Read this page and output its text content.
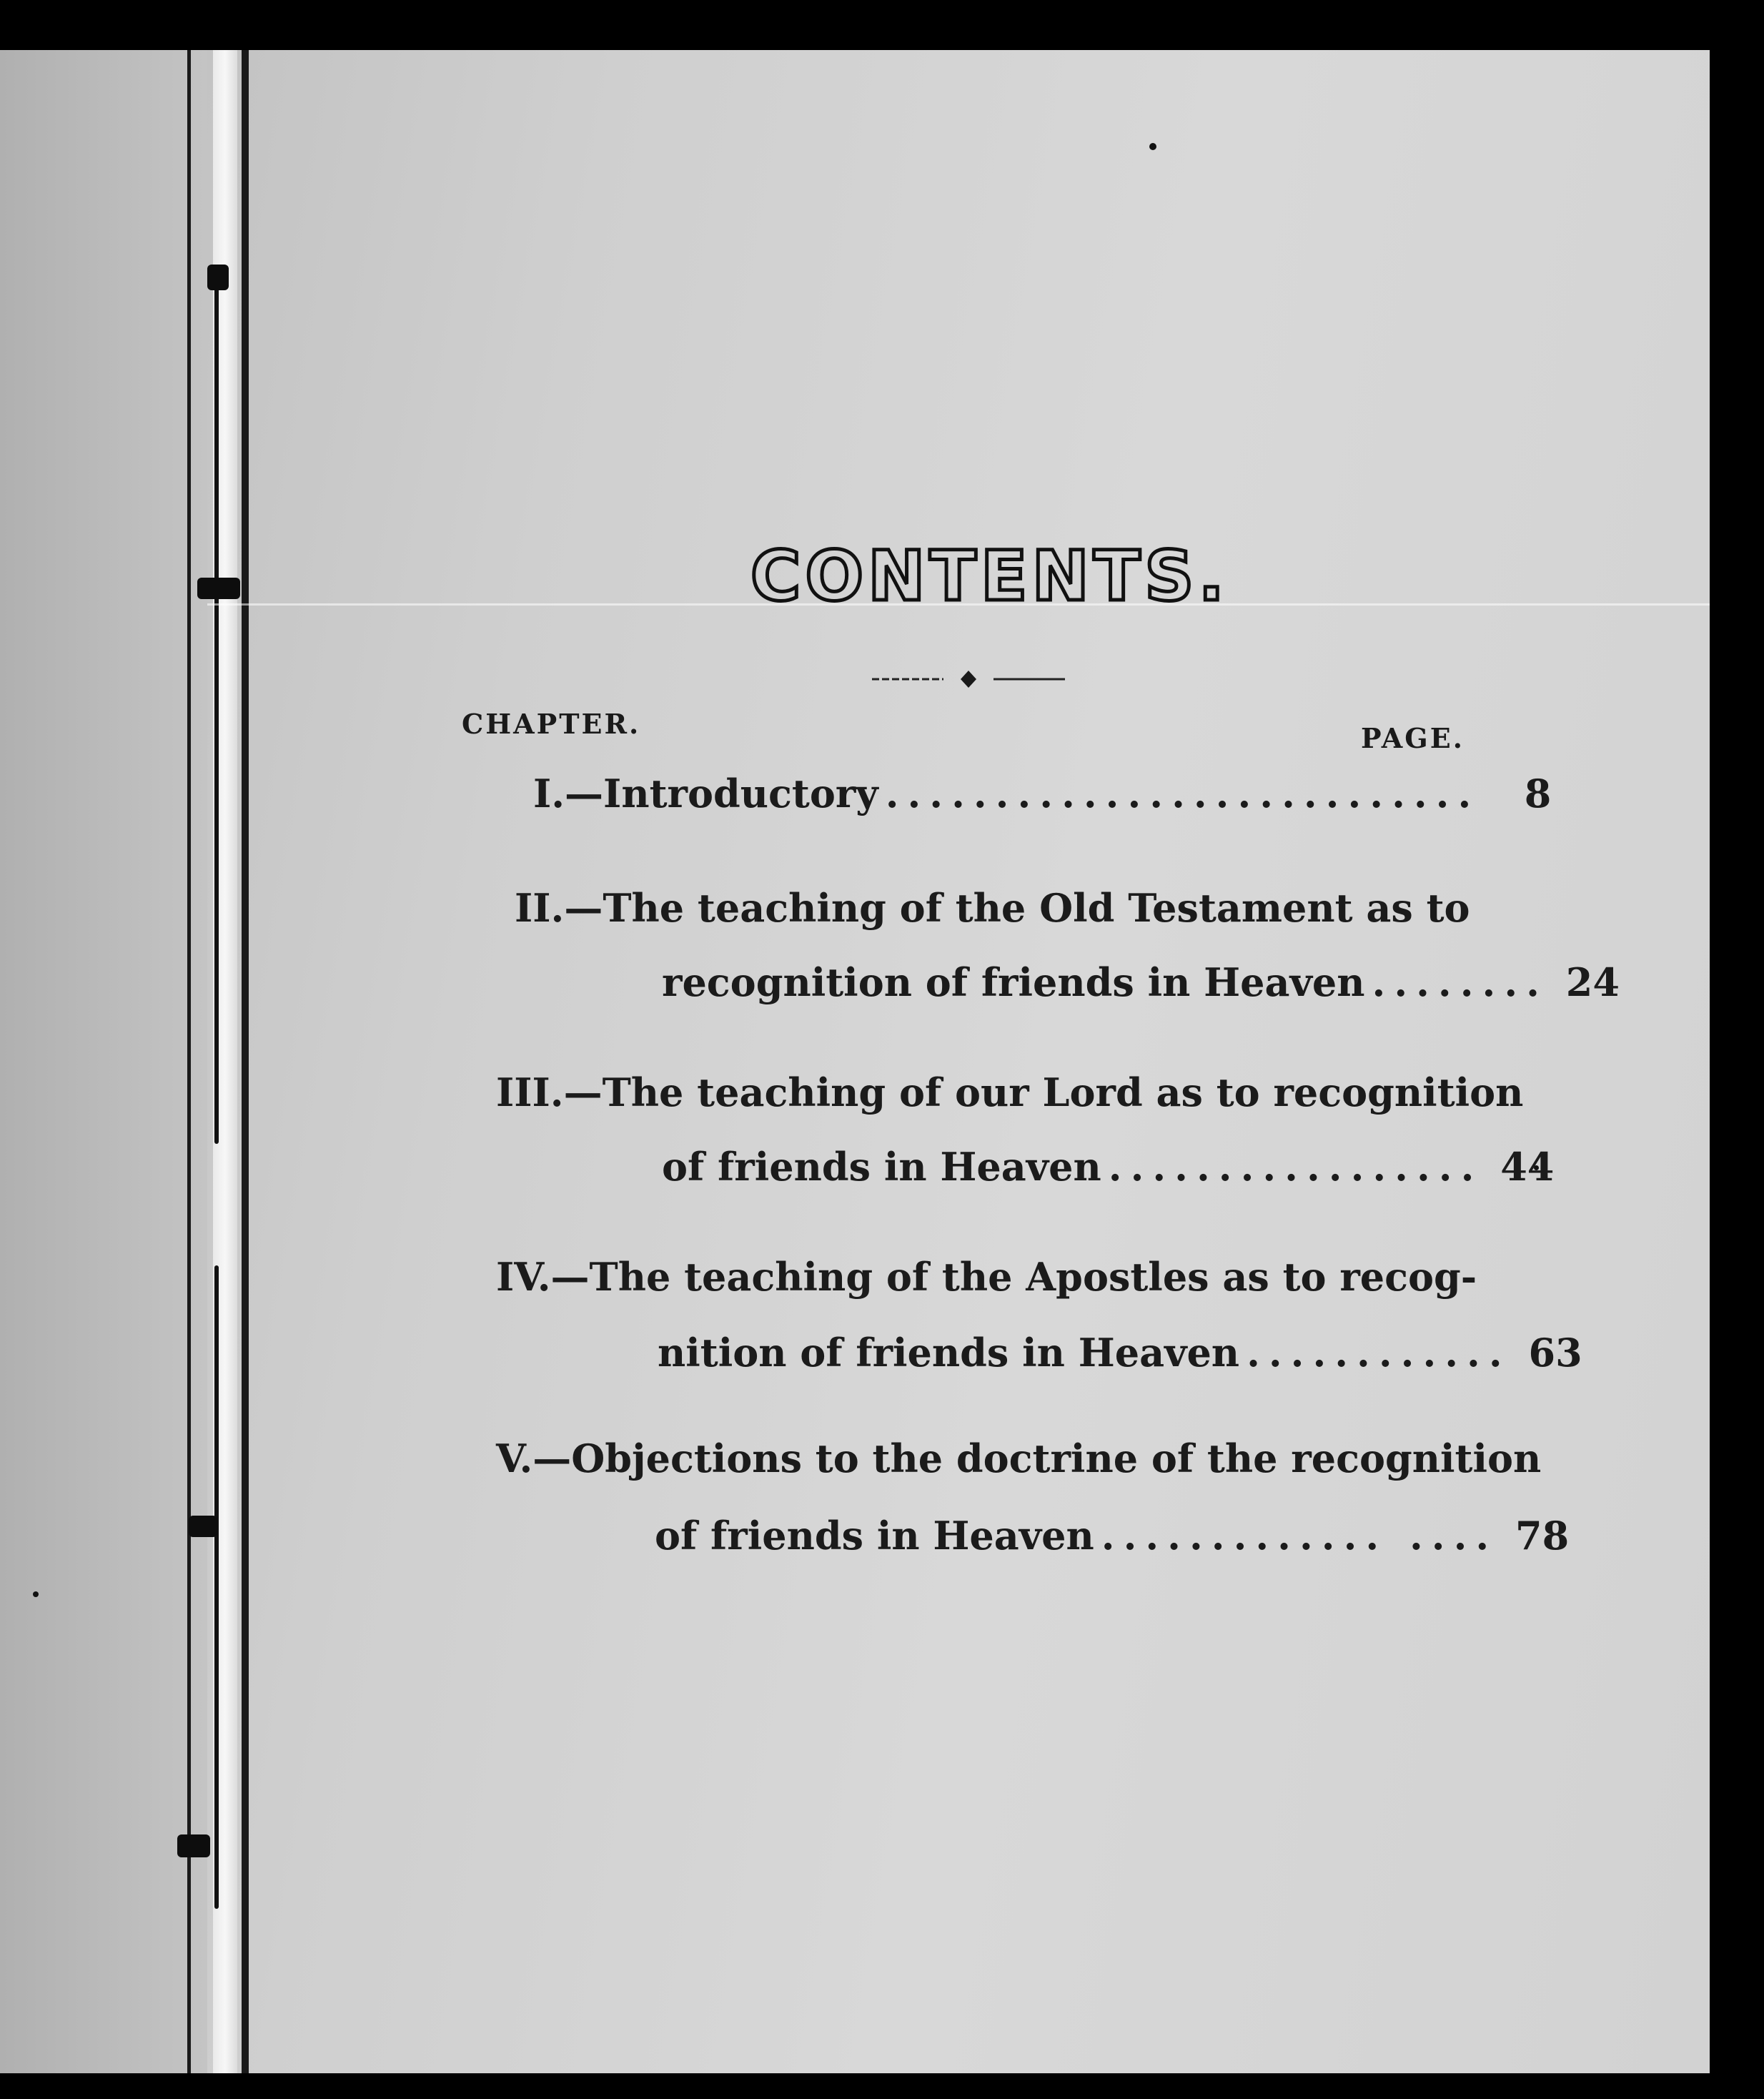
CONTENTS.
CHAPTER.	PAGE.
I.—Introductory ...........................	8
II.—The teaching of the Old Testament as to
recognition of friends in Heaven ........ 24
III.—The teaching of our Lord as to recognition
of friends in Heaven ................. 44
IV.—The teaching of the Apostles as to recog-
nition of friends in Heaven ............ 63
V.—Objections to the doctrine of the recognition
of friends in Heaven ............. .... 78
